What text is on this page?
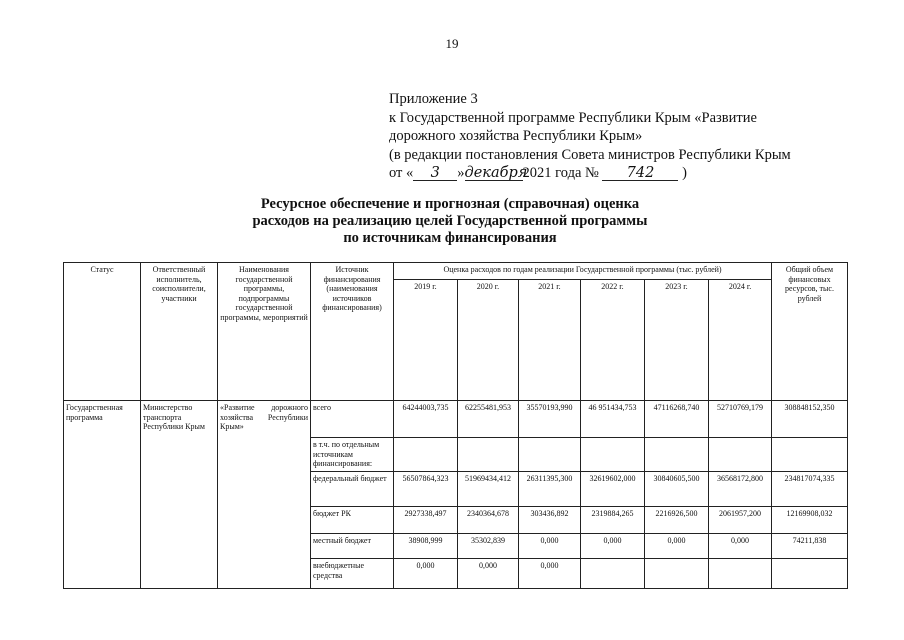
19
Приложение 3
к Государственной программе Республики Крым «Развитие
дорожного хозяйства Республики Крым»
(в редакции постановления Совета министров Республики Крым
от « 3 »декабря2021 года № 742 )
Ресурсное обеспечение и прогнозная (справочная) оценка
расходов на реализацию целей Государственной программы
по источникам финансирования
Статус	Ответственный исполнитель, соисполнители, участники	Наименования государственной программы, подпрограммы государственной программы, мероприятий	Источник финансирования (наименования источников финансирования)	Оценка расходов по годам реализации Государственной программы (тыс. рублей)						Общий объем финансовых ресурсов, тыс. рублей
				2019 г.	2020 г.	2021 г.	2022 г.	2023 г.	2024 г.	
Государственная программа	Министерство транспорта Республики Крым	«Развитие дорожного хозяйства Республики Крым»	всего	64244003,735	62255481,953	35570193,990	46 951434,753	47116268,740	52710769,179	308848152,350
			в т.ч. по отдельным источникам финансирования:							
			федеральный бюджет	56507864,323	51969434,412	26311395,300	32619602,000	30840605,500	36568172,800	234817074,335
			бюджет РК	2927338,497	2340364,678	303436,892	2319884,265	2216926,500	2061957,200	12169908,032
			местный бюджет	38908,999	35302,839	0,000	0,000	0,000	0,000	74211,838
			внебюджетные средства	0,000	0,000	0,000				
